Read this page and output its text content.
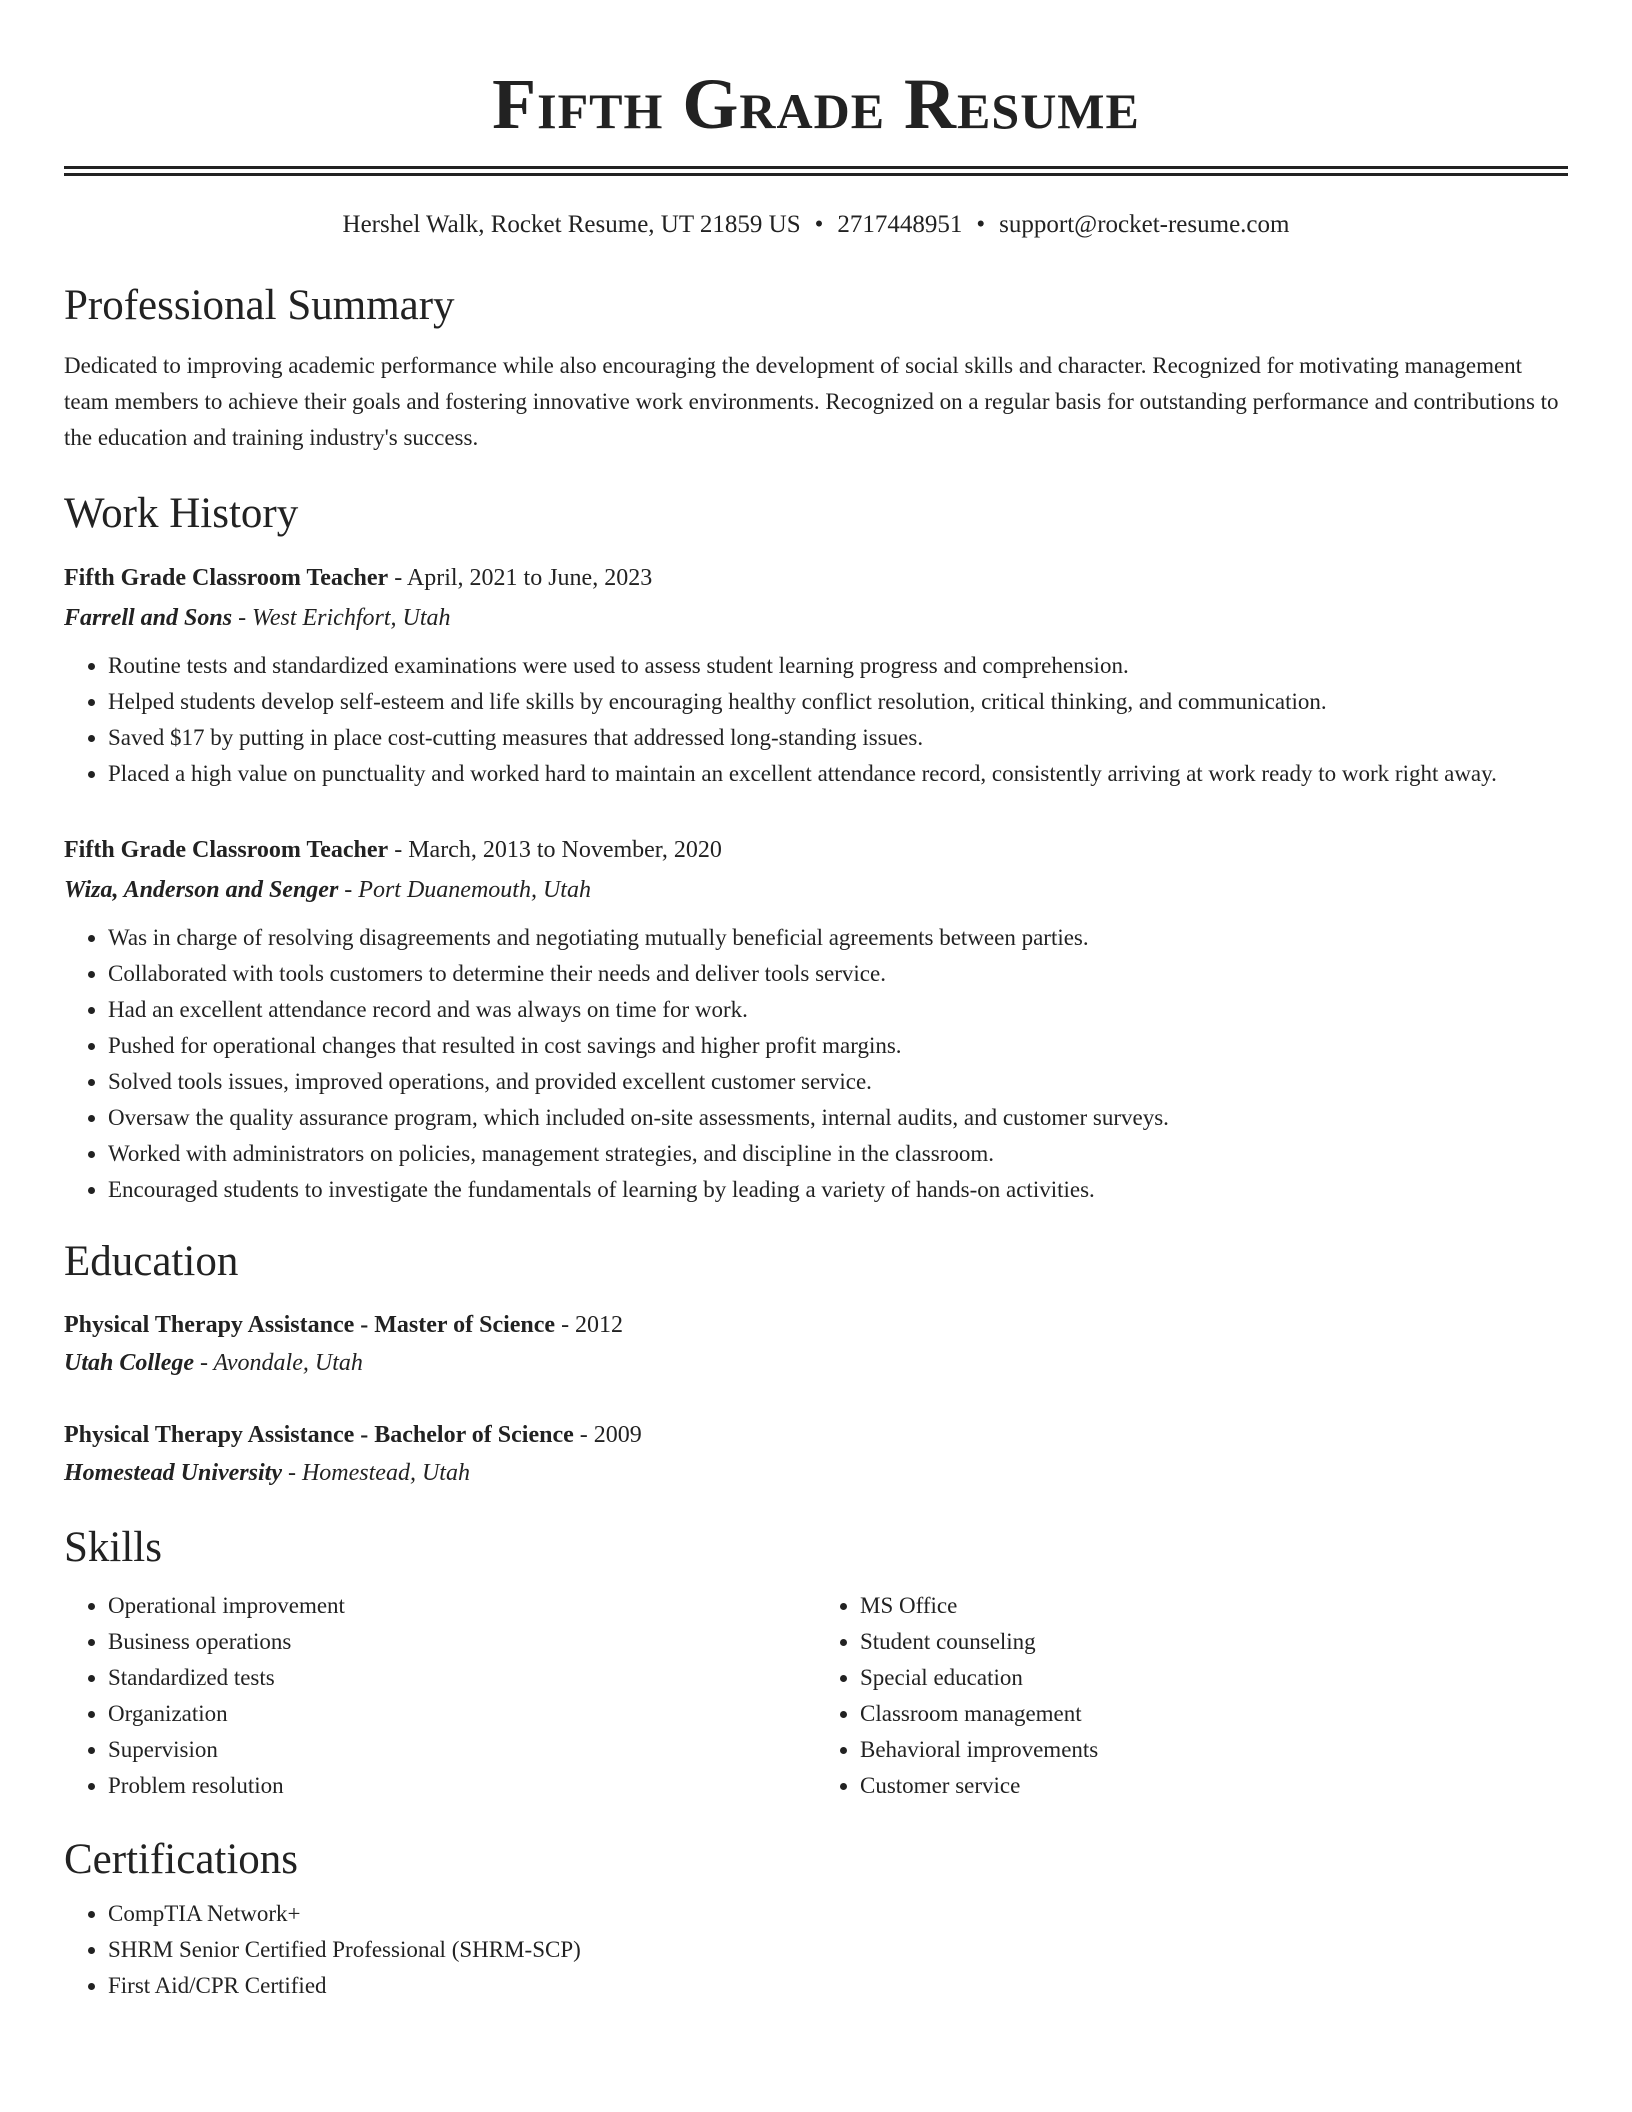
Fifth Grade Resume
Hershel Walk, Rocket Resume, UT 21859 US • 2717448951 • support@rocket-resume.com
Professional Summary
Dedicated to improving academic performance while also encouraging the development of social skills and character. Recognized for motivating management team members to achieve their goals and fostering innovative work environments. Recognized on a regular basis for outstanding performance and contributions to the education and training industry's success.
Work History
Fifth Grade Classroom Teacher - April, 2021 to June, 2023
Farrell and Sons - West Erichfort, Utah
• Routine tests and standardized examinations were used to assess student learning progress and comprehension.
• Helped students develop self-esteem and life skills by encouraging healthy conflict resolution, critical thinking, and communication.
• Saved $17 by putting in place cost-cutting measures that addressed long-standing issues.
• Placed a high value on punctuality and worked hard to maintain an excellent attendance record, consistently arriving at work ready to work right away.
Fifth Grade Classroom Teacher - March, 2013 to November, 2020
Wiza, Anderson and Senger - Port Duanemouth, Utah
• Was in charge of resolving disagreements and negotiating mutually beneficial agreements between parties.
• Collaborated with tools customers to determine their needs and deliver tools service.
• Had an excellent attendance record and was always on time for work.
• Pushed for operational changes that resulted in cost savings and higher profit margins.
• Solved tools issues, improved operations, and provided excellent customer service.
• Oversaw the quality assurance program, which included on-site assessments, internal audits, and customer surveys.
• Worked with administrators on policies, management strategies, and discipline in the classroom.
• Encouraged students to investigate the fundamentals of learning by leading a variety of hands-on activities.
Education
Physical Therapy Assistance - Master of Science - 2012
Utah College - Avondale, Utah
Physical Therapy Assistance - Bachelor of Science - 2009
Homestead University - Homestead, Utah
Skills
• Operational improvement
• Business operations
• Standardized tests
• Organization
• Supervision
• Problem resolution
• MS Office
• Student counseling
• Special education
• Classroom management
• Behavioral improvements
• Customer service
Certifications
• CompTIA Network+
• SHRM Senior Certified Professional (SHRM-SCP)
• First Aid/CPR Certified
